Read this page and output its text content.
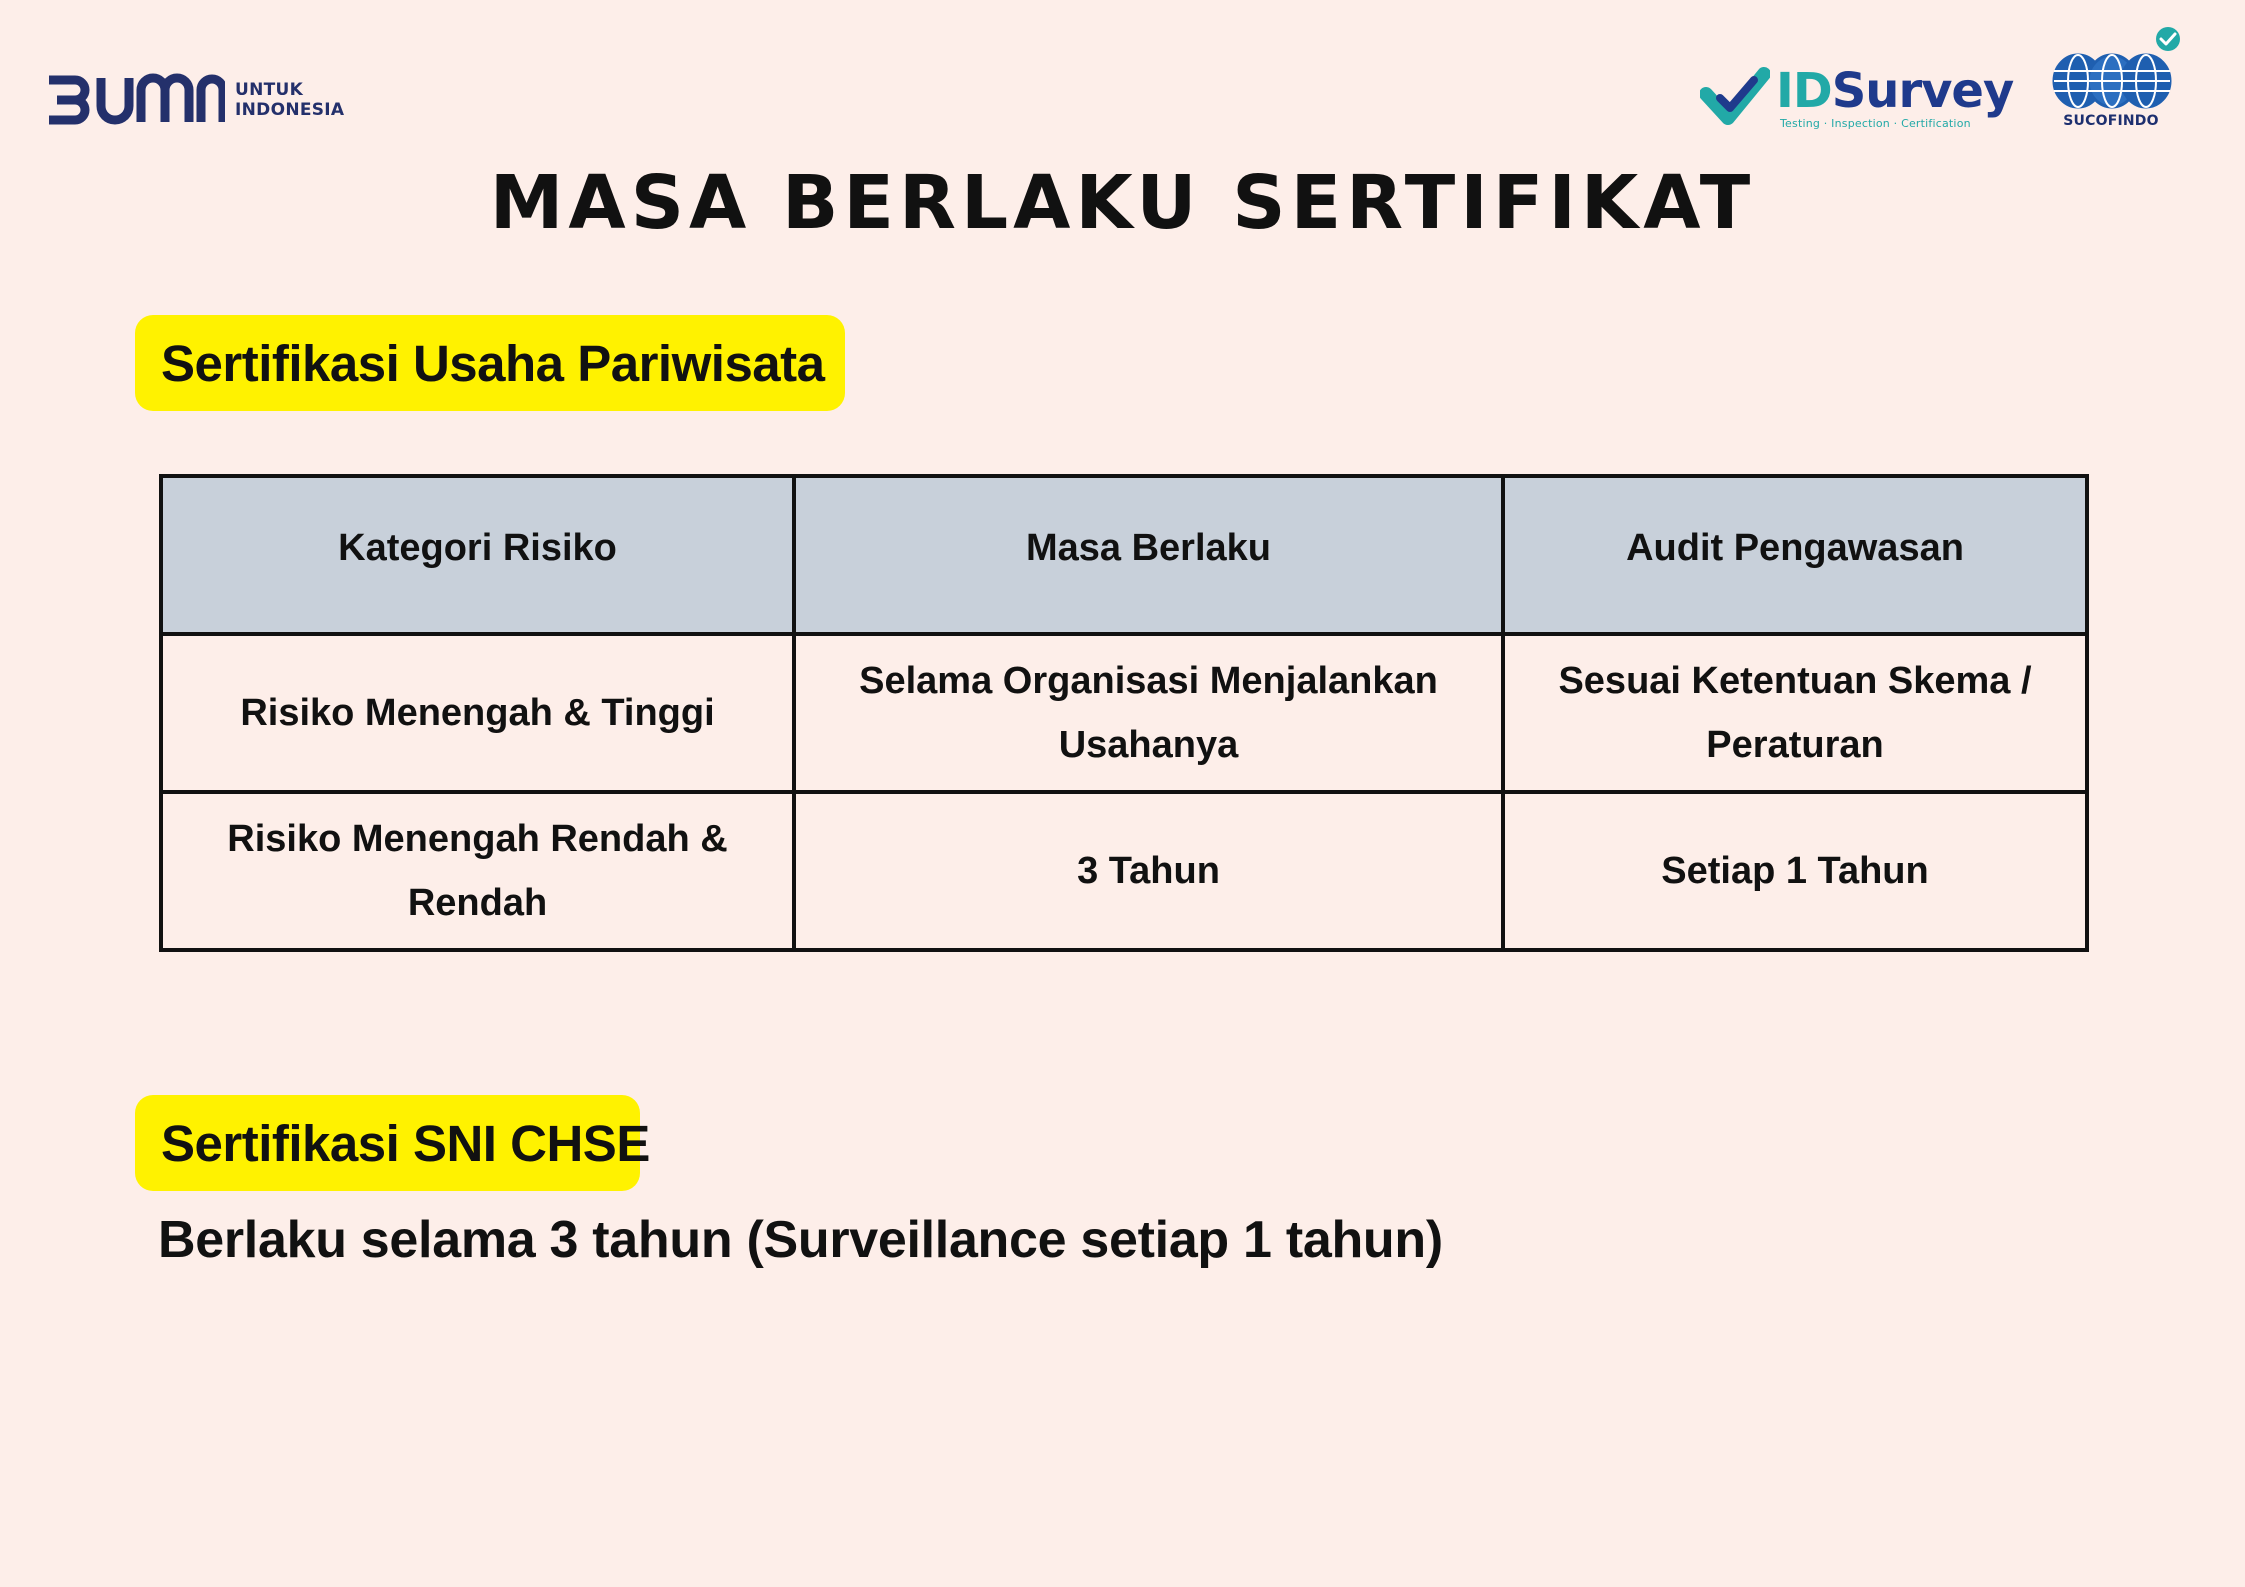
UNTUK
INDONESIA	IDSurvey
Testing · Inspection · Certification	SUCOFINDO
MASA BERLAKU SERTIFIKAT
Sertifikasi Usaha Pariwisata
Kategori Risiko	Masa Berlaku	Audit Pengawasan
Risiko Menengah & Tinggi	Selama Organisasi Menjalankan Usahanya	Sesuai Ketentuan Skema / Peraturan
Risiko Menengah Rendah & Rendah	3 Tahun	Setiap 1 Tahun
Sertifikasi SNI CHSE

Berlaku selama 3 tahun (Surveillance setiap 1 tahun)
